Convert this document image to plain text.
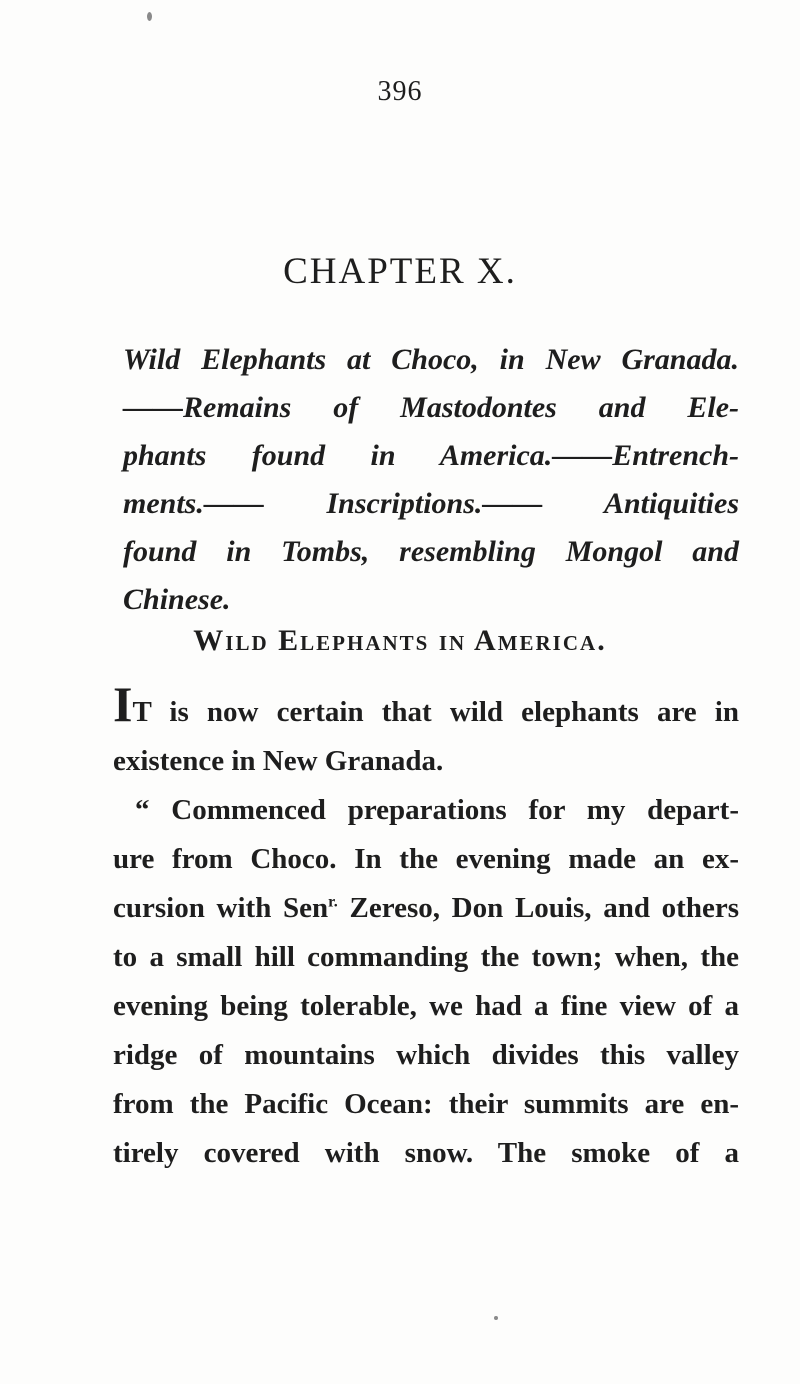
396
CHAPTER X.
Wild Elephants at Choco, in New Granada.
——Remains of Mastodontes and Ele-
phants found in America.——Entrench-
ments.—— Inscriptions.—— Antiquities
found in Tombs, resembling Mongol and
Chinese.
Wild Elephants in America.
IT is now certain that wild elephants are in
existence in New Granada.
“ Commenced preparations for my depart-
ure from Choco. In the evening made an ex-
cursion with Sen$^{r.}$ Zereso, Don Louis, and others
to a small hill commanding the town; when, the
evening being tolerable, we had a fine view of a
ridge of mountains which divides this valley
from the Pacific Ocean: their summits are en-
tirely covered with snow. The smoke of a
